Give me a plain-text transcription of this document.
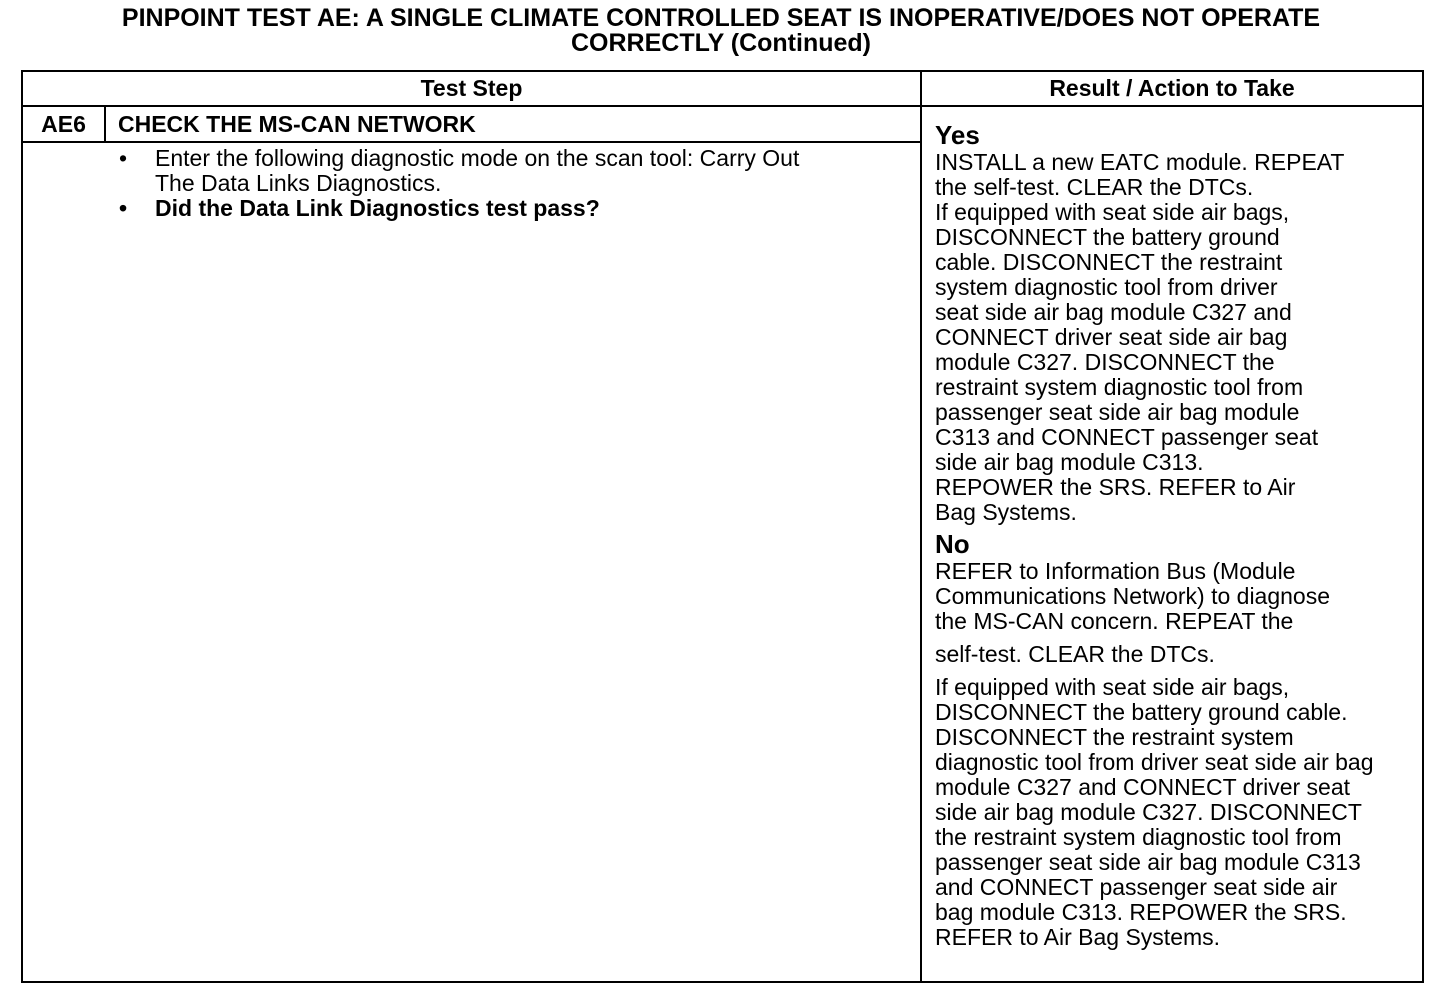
PINPOINT TEST AE: A SINGLE CLIMATE CONTROLLED SEAT IS INOPERATIVE/DOES NOT OPERATE
CORRECTLY (Continued)
Test Step	Result / Action to Take
AE6	CHECK THE MS-CAN NETWORK
• Enter the following diagnostic mode on the scan tool: Carry Out
The Data Links Diagnostics.
• Did the Data Link Diagnostics test pass?
Yes

INSTALL a new EATC module. REPEAT

the self-test. CLEAR the DTCs.

If equipped with seat side air bags,

DISCONNECT the battery ground

cable. DISCONNECT the restraint

system diagnostic tool from driver

seat side air bag module C327 and

CONNECT driver seat side air bag

module C327. DISCONNECT the

restraint system diagnostic tool from

passenger seat side air bag module

C313 and CONNECT passenger seat

side air bag module C313.

REPOWER the SRS. REFER to Air

Bag Systems.

No

REFER to Information Bus (Module

Communications Network) to diagnose

the MS-CAN concern. REPEAT the

self-test. CLEAR the DTCs.

If equipped with seat side air bags,

DISCONNECT the battery ground cable.

DISCONNECT the restraint system

diagnostic tool from driver seat side air bag

module C327 and CONNECT driver seat

side air bag module C327. DISCONNECT

the restraint system diagnostic tool from

passenger seat side air bag module C313

and CONNECT passenger seat side air

bag module C313. REPOWER the SRS.

REFER to Air Bag Systems.
